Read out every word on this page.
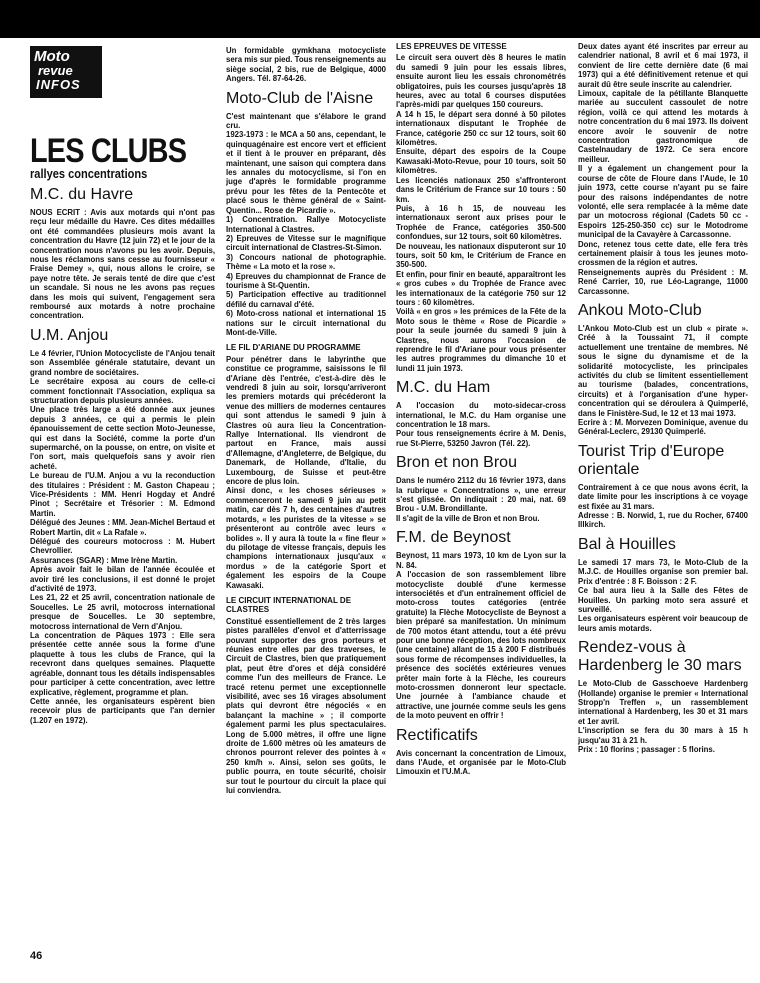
Moto
revue
INFOS
LES CLUBS
rallyes concentrations
M.C. du Havre

NOUS ECRIT : Avis aux motards qui n'ont pas reçu leur médaille du Havre. Ces dites médailles ont été commandées plusieurs mois avant la concentration du Havre (12 juin 72) et le jour de la concentration nous n'avons pu les avoir. Depuis, nous les réclamons sans cesse au fournisseur « Fraise Demey », qui, nous allons le croire, se paye notre tête. Je serais tenté de dire que c'est un scandale. Si nous ne les avons pas reçues dans les mois qui suivent, l'engagement sera remboursé aux motards à notre prochaine concentration.

U.M. Anjou

Le 4 février, l'Union Motocycliste de l'Anjou tenait son Assemblée générale statutaire, devant un grand nombre de sociétaires.

Le secrétaire exposa au cours de celle-ci comment fonctionnait l'Association, expliqua sa structuration depuis plusieurs années.

Une place très large a été donnée aux jeunes depuis 3 années, ce qui a permis le plein épanouissement de cette section Moto-Jeunesse, qui est dans la Société, comme la porte d'un supermarché, on la pousse, on entre, on visite et l'on sort, mais quelquefois sans y avoir rien acheté.

Le bureau de l'U.M. Anjou a vu la reconduction des titulaires : Président : M. Gaston Chapeau ; Vice-Présidents : MM. Henri Hogday et André Pinot ; Secrétaire et Trésorier : M. Edmond Martin.

Délégué des Jeunes : MM. Jean-Michel Bertaud et Robert Martin, dit « La Rafale ».

Délégué des coureurs motocross : M. Hubert Chevrollier.

Assurances (SGAR) : Mme Irène Martin.

Après avoir fait le bilan de l'année écoulée et avoir tiré les conclusions, il est donné le projet d'activité de 1973.

Les 21, 22 et 25 avril, concentration nationale de Soucelles. Le 25 avril, motocross international presque de Soucelles. Le 30 septembre, motocross international de Vern d'Anjou.

La concentration de Pâques 1973 : Elle sera présentée cette année sous la forme d'une plaquette à tous les clubs de France, qui la recevront dans quelques semaines. Plaquette agréable, donnant tous les détails indispensables pour participer à cette concentration, avec lettre explicative, règlement, programme et plan.

Cette année, les organisateurs espèrent bien recevoir plus de participants que l'an dernier (1.207 en 1972).

Un formidable gymkhana motocycliste sera mis sur pied. Tous renseignements au siège social, 2 bis, rue de Belgique, 4000 Angers. Tél. 87-64-26.

Moto-Club de l'Aisne

C'est maintenant que s'élabore le grand cru.

1923-1973 : le MCA a 50 ans, cependant, le quinquagénaire est encore vert et efficient et il tient à le prouver en préparant, dès maintenant, une saison qui comptera dans les annales du motocyclisme, si l'on en juge d'après le formidable programme prévu pour les fêtes de la Pentecôte et placé sous le thème général de « Saint-Quentin... Rose de Picardie ».

1) Concentration. Rallye Motocycliste International à Clastres.

2) Epreuves de Vitesse sur le magnifique circuit international de Clastres-St-Simon.

3) Concours national de photographie. Thème « La moto et la rose ».

4) Epreuves du championnat de France de tourisme à St-Quentin.

5) Participation effective au traditionnel défilé du carnaval d'été.

6) Moto-cross national et international 15 nations sur le circuit international du Mont-de-Ville.

LE FIL D'ARIANE DU PROGRAMME

Pour pénétrer dans le labyrinthe que constitue ce programme, saisissons le fil d'Ariane dès l'entrée, c'est-à-dire dès le vendredi 8 juin au soir, lorsqu'arriveront les premiers motards qui précéderont la venue des milliers de modernes centaures qui sont attendus le samedi 9 juin à Clastres où aura lieu la Concentration-Rallye International. Ils viendront de partout en France, mais aussi d'Allemagne, d'Angleterre, de Belgique, du Danemark, de Hollande, d'Italie, du Luxembourg, de Suisse et peut-être encore de plus loin.

Ainsi donc, « les choses sérieuses » commenceront le samedi 9 juin au petit matin, car dès 7 h, des centaines d'autres motards, « les puristes de la vitesse » se présenteront au contrôle avec leurs « bolides ». Il y aura là toute la « fine fleur » du pilotage de vitesse français, depuis les champions internationaux jusqu'aux « mordus » de la catégorie Sport et également les espoirs de la Coupe Kawasaki.

LE CIRCUIT INTERNATIONAL DE CLASTRES

Constitué essentiellement de 2 très larges pistes parallèles d'envol et d'atterrissage pouvant supporter des gros porteurs et réunies entre elles par des traverses, le Circuit de Clastres, bien que pratiquement plat, peut être d'ores et déjà considéré comme l'un des meilleurs de France. Le tracé retenu permet une exceptionnelle visibilité, avec ses 16 virages absolument plats qui devront être négociés « en balançant la machine » ; il comporte également parmi les plus spectaculaires. Long de 5.000 mètres, il offre une ligne droite de 1.600 mètres où les amateurs de chronos pourront relever des pointes à « 250 km/h ». Ainsi, selon ses goûts, le public pourra, en toute sécurité, choisir sur tout le pourtour du circuit la place qui lui conviendra.

LES EPREUVES DE VITESSE

Le circuit sera ouvert dès 8 heures le matin du samedi 9 juin pour les essais libres, ensuite auront lieu les essais chronométrés obligatoires, puis les courses jusqu'après 18 heures, avec au total 6 courses disputées l'après-midi par quelques 150 coureurs.

A 14 h 15, le départ sera donné à 50 pilotes internationaux disputant le Trophée de France, catégorie 250 cc sur 12 tours, soit 60 kilomètres.

Ensuite, départ des espoirs de la Coupe Kawasaki-Moto-Revue, pour 10 tours, soit 50 kilomètres.

Les licenciés nationaux 250 s'affronteront dans le Critérium de France sur 10 tours : 50 km.

Puis, à 16 h 15, de nouveau les internationaux seront aux prises pour le Trophée de France, catégories 350-500 confondues, sur 12 tours, soit 60 kilomètres.

De nouveau, les nationaux disputeront sur 10 tours, soit 50 km, le Critérium de France en 350-500.

Et enfin, pour finir en beauté, apparaîtront les « gros cubes » du Trophée de France avec les internationaux de la catégorie 750 sur 12 tours : 60 kilomètres.

Voilà « en gros » les prémices de la Fête de la Moto sous le thème « Rose de Picardie » pour la seule journée du samedi 9 juin à Clastres, nous aurons l'occasion de reprendre le fil d'Ariane pour vous présenter les autres programmes du dimanche 10 et lundi 11 juin 1973.

M.C. du Ham

A l'occasion du moto-sidecar-cross international, le M.C. du Ham organise une concentration le 18 mars.

Pour tous renseignements écrire à M. Denis, rue St-Pierre, 53250 Javron (Tél. 22).

Bron et non Brou

Dans le numéro 2112 du 16 février 1973, dans la rubrique « Concentrations », une erreur s'est glissée. On indiquait : 20 mai, nat. 69 Brou - U.M. Brondillante.

Il s'agit de la ville de Bron et non Brou.

F.M. de Beynost

Beynost, 11 mars 1973, 10 km de Lyon sur la N. 84.

A l'occasion de son rassemblement libre motocycliste doublé d'une kermesse intersociétés et d'un entraînement officiel de moto-cross toutes catégories (entrée gratuite) la Flèche Motocycliste de Beynost a bien préparé sa manifestation. Un minimum de 700 motos étant attendu, tout a été prévu pour une bonne réception, des lots nombreux (une centaine) allant de 15 à 200 F distribués sous forme de récompenses individuelles, la présence des sociétés extérieures venues prêter main forte à la Flèche, les coureurs moto-crossmen donneront leur spectacle. Une journée à l'ambiance chaude et attractive, une journée comme seuls les gens de la moto peuvent en offrir !

Rectificatifs

Avis concernant la concentration de Limoux, dans l'Aude, et organisée par le Moto-Club Limouxin et l'U.M.A.

Deux dates ayant été inscrites par erreur au calendrier national, 8 avril et 6 mai 1973, il convient de lire cette dernière date (6 mai 1973) qui a été définitivement retenue et qui aurait dû être seule inscrite au calendrier.

Limoux, capitale de la pétillante Blanquette mariée au succulent cassoulet de notre région, voilà ce qui attend les motards à notre concentration du 6 mai 1973. Ils doivent encore avoir le souvenir de notre concentration gastronomique de Castelnaudary de 1972. Ce sera encore meilleur.

Il y a également un changement pour la course de côte de Floure dans l'Aude, le 10 juin 1973, cette course n'ayant pu se faire pour des raisons indépendantes de notre volonté, elle sera remplacée à la même date par un motocross régional (Cadets 50 cc - Espoirs 125-250-350 cc) sur le Motodrome municipal de la Cavayère à Carcassonne.

Donc, retenez tous cette date, elle fera très certainement plaisir à tous les jeunes moto-crossmen de la région et autres.

Renseignements auprès du Président : M. René Carrier, 10, rue Léo-Lagrange, 11000 Carcassonne.

Ankou Moto-Club

L'Ankou Moto-Club est un club « pirate ». Créé à la Toussaint 71, il compte actuellement une trentaine de membres. Né sous le signe du dynamisme et de la solidarité motocycliste, les principales activités du club se limitent essentiellement au tourisme (balades, concentrations, circuits) et à l'organisation d'une hyper-concentration qui se déroulera à Quimperlé, dans le Finistère-Sud, le 12 et 13 mai 1973.

Ecrire à : M. Morvezen Dominique, avenue du Général-Leclerc, 29130 Quimperlé.

Tourist Trip d'Europe orientale

Contrairement à ce que nous avons écrit, la date limite pour les inscriptions à ce voyage est fixée au 31 mars.

Adresse : B. Norwid, 1, rue du Rocher, 67400 Illkirch.

Bal à Houilles

Le samedi 17 mars 73, le Moto-Club de la M.J.C. de Houilles organise son premier bal. Prix d'entrée : 8 F. Boisson : 2 F.

Ce bal aura lieu à la Salle des Fêtes de Houilles. Un parking moto sera assuré et surveillé.

Les organisateurs espèrent voir beaucoup de leurs amis motards.

Rendez-vous à Hardenberg le 30 mars

Le Moto-Club de Gasschoeve Hardenberg (Hollande) organise le premier « International Stropp'n Treffen », un rassemblement international à Hardenberg, les 30 et 31 mars et 1er avril.

L'inscription se fera du 30 mars à 15 h jusqu'au 31 à 21 h.

Prix : 10 florins ; passager : 5 florins.

46
